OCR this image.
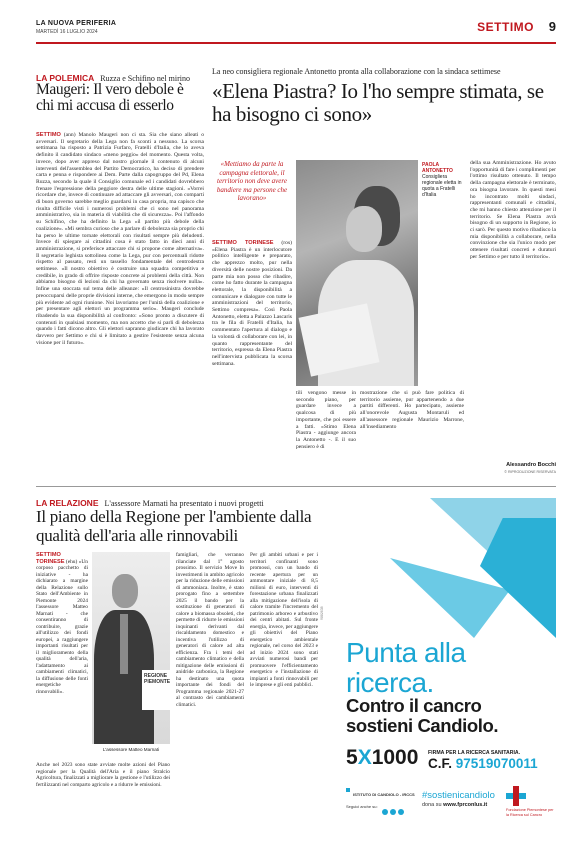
LA NUOVA PERIFERIA
MARTEDÌ 16 LUGLIO 2024	SETTIMO 9
LA POLEMICA Ruzza e Schifino nel mirino
Maugeri: Il vero debole è chi mi accusa di esserlo
SETTIMO (ann) Manolo Maugeri non ci sta. Sia che siano alleati o avversari. Il segretario della Lega non fa sconti a nessuno. La scorsa settimana ha risposto a Patrizia Furfaro, Fratelli d'Italia, che lo aveva definito il candidato sindaco «meno peggio» del momento. Questa volta, invece, dopo aver appreso dal nostro giornale il contenuto di alcuni interventi dell'assemblea del Partito Democratico, ha deciso di prendere carta e penna e rispondere ai Dem. Parte dalla capogruppo del Pd, Elena Ruzza, secondo la quale il Consiglio comunale ed i candidati dovrebbero frenare l'espressione della peggiore destra delle ultime stagioni. «Vorrei ricordare che, invece di continuare ad attaccare gli avversari, con comparti di buon governo sarebbe meglio guardarsi in casa propria, ma capisco che risulta difficile visti i numerosi problemi che ci sono nel panorama amministrativo, sia in materia di viabilità che di sicurezza». Poi l'affondo su Schifino, che ha definito la Lega «il partito più debole della coalizione». «Mi sembra curioso che a parlare di debolezza sia proprio chi ha perso le ultime tornate elettorali con risultati sempre più deludenti. Invece di spiegare ai cittadini cosa è stato fatto in dieci anni di amministrazione, si preferisce attaccare chi si propone come alternativa». Il segretario leghista sottolinea come la Lega, pur con percentuali ridotte rispetto al passato, resti un tassello fondamentale del centrodestra settimese. «Il nostro obiettivo è costruire una squadra competitiva e credibile, in grado di offrire risposte concrete ai problemi della città. Non abbiamo bisogno di lezioni da chi ha governato senza risolvere nulla». Infine una stoccata sul tema delle alleanze: «Il centrosinistra dovrebbe preoccuparsi delle proprie divisioni interne, che emergono in modo sempre più evidente ad ogni riunione. Noi lavoriamo per l'unità della coalizione e per presentare agli elettori un programma serio». Maugeri conclude ribadendo la sua disponibilità al confronto: «Sono pronto a discutere di contenuti in qualsiasi momento, ma non accetto che si parli di debolezza quando i fatti dicono altro. Gli elettori sapranno giudicare chi ha lavorato davvero per Settimo e chi si è limitato a gestire l'esistente senza alcuna visione per il futuro».
La neo consigliera regionale Antonetto pronta alla collaborazione con la sindaca settimese
«Elena Piastra? Io l'ho sempre stimata, se ha bisogno ci sono»
«Mettiamo da parte la campagna elettorale, il territorio non deve avere bandiere ma persone che lavorano»
SETTIMO TORINESE (ros) «Elena Piastra è un interlocutore politico intelligente e preparato, che apprezzo molto, pur nella diversità delle nostre posizioni. Da parte mia non posso che ribadire, come ho fatto durante la campagna elettorale, la disponibilità a comunicare e dialogare con tutte le amministrazioni del territorio, Settimo compresa». Così Paola Antonetto, eletta a Palazzo Lascaris tra le fila di Fratelli d'Italia, ha commentato l'apertura al dialogo e la volontà di collaborare con lei, in quanto rappresentante del territorio, espressa da Elena Piastra nell'intervista pubblicata la scorsa settimana.
PAOLA ANTONETTO
Consigliera regionale eletta in quota a Fratelli d'Italia
tili vengono messe in secondo piano, per guardare invece a qualcosa di più importante, che poi essere a fatti. «Stimo Elena Piastra - aggiunge ancora la Antonetto -. E il suo pensiero è di
mostrazione che si può fare politica di territorio assieme, pur appartenendo a due partiti differenti. Ho partecipato, assieme all'onorevole Augusta Montaruli ed all'assessore regionale Maurizio Marrone, all'insediamento
della sua Amministrazione. Ho avuto l'opportunità di fare i complimenti per l'ottimo risultato ottenuto. Il tempo della campagna elettorale è terminato, ora bisogna lavorare. In questi mesi ho incontrato molti sindaci, rappresentanti comunali e cittadini, che mi hanno chiesto attenzione per il territorio. Se Elena Piastra avrà bisogno di un supporto in Regione, io ci sarò. Per questo motivo ribadisco la mia disponibilità a collaborare, nella convinzione che sia l'unico modo per ottenere risultati concreti e duraturi per Settimo e per tutto il territorio».
Alessandro Bocchi
© RIPRODUZIONE RISERVATA
LA RELAZIONE L'assessore Marnati ha presentato i nuovi progetti
Il piano della Regione per l'ambiente dalla qualità dell'aria alle rinnovabili
SETTIMO TORINESE (ehu) «Un corposo pacchetto di iniziative - ha dichiarato a margine della Relazione sullo Stato dell'Ambiente in Piemonte 2024 l'assessore Matteo Marnati - che consentiranno di contribuire, grazie all'utilizzo dei fondi europei, a raggiungere importanti risultati per il miglioramento della qualità dell'aria, l'adattamento ai cambiamenti climatici, la diffusione delle fonti energetiche rinnovabili».
REGIONE PIEMONTE
L'assessore Matteo Marnati
Anche nel 2023 sono state avviate molte azioni del Piano regionale per la Qualità dell'Aria e il piano Stralcio Agricoltura, finalizzati a migliorare la gestione e l'utilizzo dei fertilizzanti nel comparto agricolo e a ridurre le emissioni.
famigliari, che verranno rilanciate dal 1° agosto prossimo. Il servizio Move In investimenti in ambito agricolo per la riduzione delle emissioni di ammoniaca. Inoltre, è stato prorogato fino a settembre 2025 il bando per la sostituzione di generatori di calore a biomassa obsoleti, che permette di ridurre le emissioni inquinanti derivanti dal riscaldamento domestico e incentiva l'utilizzo di generatori di calore ad alta efficienza. Fra i temi del cambiamento climatico e della mitigazione delle emissioni di anidride carbonica, la Regione ha destinato una quota importante dei fondi del Programma regionale 2021-27 al contrasto dei cambiamenti climatici.
Per gli ambiti urbani e per i territori confinanti sono promossi, con un bando di recente apertura per un ammontare iniziale di 8,5 milioni di euro, interventi di forestazione urbana finalizzati alla mitigazione dell'isola di calore tramite l'incremento del patrimonio arboreo e arbustivo dei centri abitati. Sul fronte energia, invece, per aggiungere gli obiettivi del Piano energetico ambientale regionale, nel corso del 2023 e ad inizio 2024 sono stati avviati numerosi bandi per promuovere l'efficientamento energetico e l'installazione di impianti a fonti rinnovabili per le imprese e gli enti pubblici.
9882638
Punta alla ricerca.
Contro il cancro sostieni Candiolo.
5X1000 FIRMA PER LA RICERCA SANITARIA.
C.F. 97519070011
ISTITUTO DI CANDIOLO - IRCCS
Seguici anche su:
#sostienicandiolo
dona su www.fprconlus.it
Fondazione Piemontese per la Ricerca sul Cancro
